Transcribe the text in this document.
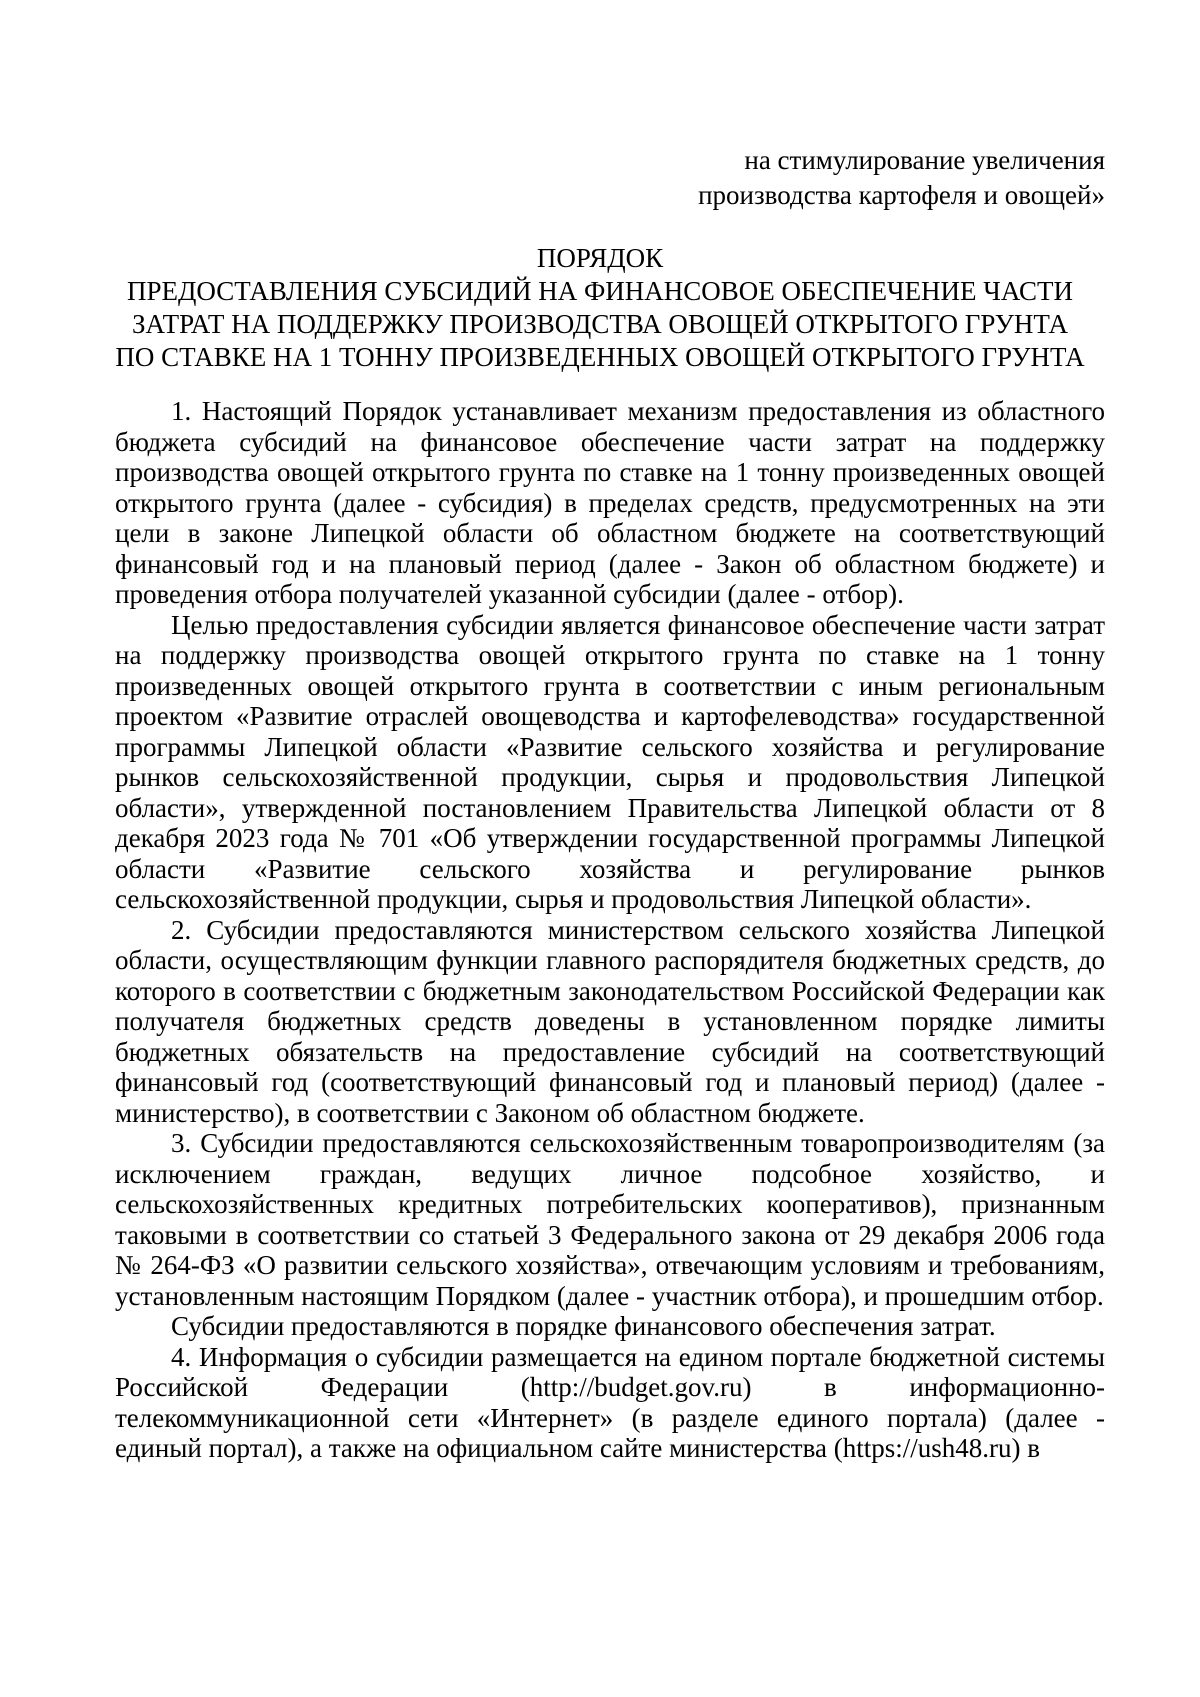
на стимулирование увеличения
производства картофеля и овощей»
ПОРЯДОК
ПРЕДОСТАВЛЕНИЯ СУБСИДИЙ НА ФИНАНСОВОЕ ОБЕСПЕЧЕНИЕ ЧАСТИ
ЗАТРАТ НА ПОДДЕРЖКУ ПРОИЗВОДСТВА ОВОЩЕЙ ОТКРЫТОГО ГРУНТА
ПО СТАВКЕ НА 1 ТОННУ ПРОИЗВЕДЕННЫХ ОВОЩЕЙ ОТКРЫТОГО ГРУНТА

1. Настоящий Порядок устанавливает механизм предоставления из областного бюджета субсидий на финансовое обеспечение части затрат на поддержку производства овощей открытого грунта по ставке на 1 тонну произведенных овощей открытого грунта (далее - субсидия) в пределах средств, предусмотренных на эти цели в законе Липецкой области об областном бюджете на соответствующий финансовый год и на плановый период (далее - Закон об областном бюджете) и проведения отбора получателей указанной субсидии (далее - отбор).

Целью предоставления субсидии является финансовое обеспечение части затрат на поддержку производства овощей открытого грунта по ставке на 1 тонну произведенных овощей открытого грунта в соответствии с иным региональным проектом «Развитие отраслей овощеводства и картофелеводства» государственной программы Липецкой области «Развитие сельского хозяйства и регулирование рынков сельскохозяйственной продукции, сырья и продовольствия Липецкой области», утвержденной постановлением Правительства Липецкой области от 8 декабря 2023 года № 701 «Об утверждении государственной программы Липецкой области «Развитие сельского хозяйства и регулирование рынков сельскохозяйственной продукции, сырья и продовольствия Липецкой области».

2. Субсидии предоставляются министерством сельского хозяйства Липецкой области, осуществляющим функции главного распорядителя бюджетных средств, до которого в соответствии с бюджетным законодательством Российской Федерации как получателя бюджетных средств доведены в установленном порядке лимиты бюджетных обязательств на предоставление субсидий на соответствующий финансовый год (соответствующий финансовый год и плановый период) (далее - министерство), в соответствии с Законом об областном бюджете.

3. Субсидии предоставляются сельскохозяйственным товаропроизводителям (за исключением граждан, ведущих личное подсобное хозяйство, и сельскохозяйственных кредитных потребительских кооперативов), признанным таковыми в соответствии со статьей 3 Федерального закона от 29 декабря 2006 года № 264-ФЗ «О развитии сельского хозяйства», отвечающим условиям и требованиям, установленным настоящим Порядком (далее - участник отбора), и прошедшим отбор.

Субсидии предоставляются в порядке финансового обеспечения затрат.

4. Информация о субсидии размещается на едином портале бюджетной системы Российской Федерации (http://budget.gov.ru) в информационно-телекоммуникационной сети «Интернет» (в разделе единого портала) (далее - единый портал), а также на официальном сайте министерства (https://ush48.ru) в
